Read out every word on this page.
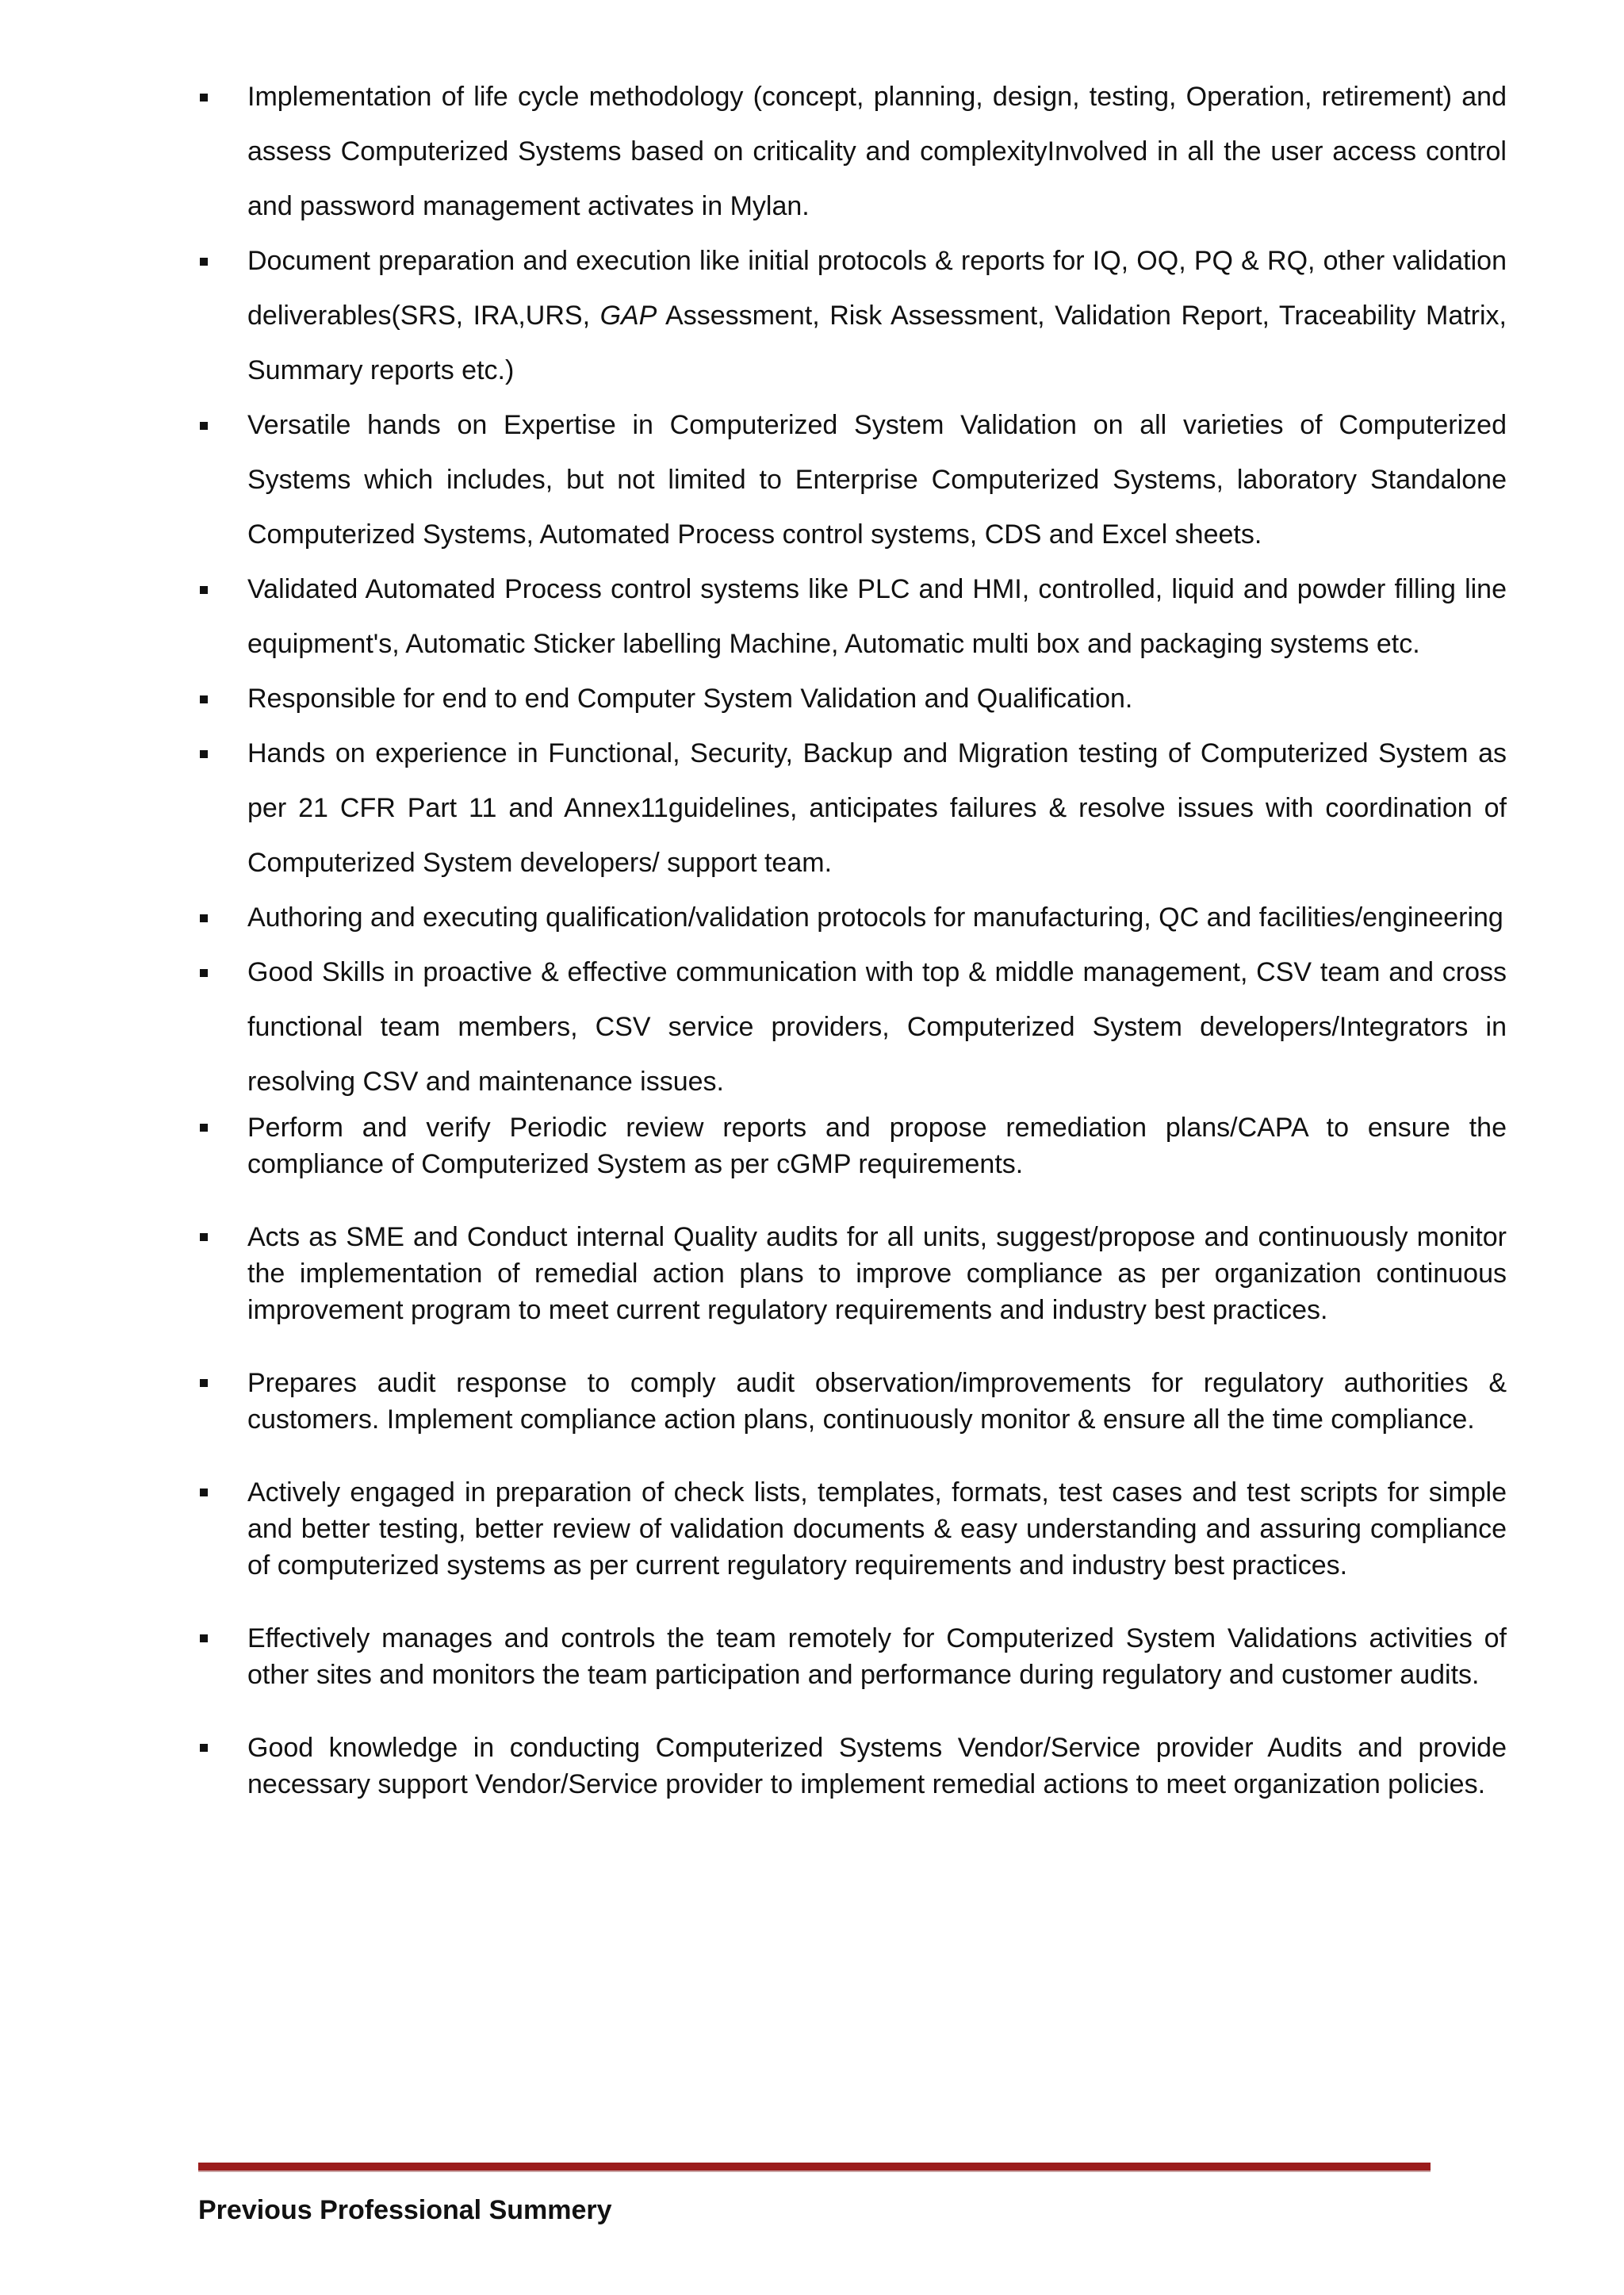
Implementation of life cycle methodology (concept, planning, design, testing, Operation, retirement) and assess Computerized Systems based on criticality and complexityInvolved in all the user access control and password management activates in Mylan.
Document preparation and execution like initial protocols & reports for IQ, OQ, PQ & RQ, other validation deliverables(SRS, IRA,URS, GAP Assessment, Risk Assessment, Validation Report, Traceability Matrix, Summary reports etc.)
Versatile hands on Expertise in Computerized System Validation on all varieties of Computerized Systems which includes, but not limited to Enterprise Computerized Systems, laboratory Standalone Computerized Systems, Automated Process control systems, CDS and Excel sheets.
Validated Automated Process control systems like PLC and HMI, controlled, liquid and powder filling line equipment's, Automatic Sticker labelling Machine, Automatic multi box and packaging systems etc.
Responsible for end to end Computer System Validation and Qualification.
Hands on experience in Functional, Security, Backup and Migration testing of Computerized System as per 21 CFR Part 11 and Annex11guidelines, anticipates failures & resolve issues with coordination of Computerized System developers/ support team.
Authoring and executing qualification/validation protocols for manufacturing, QC and facilities/engineering
Good Skills in proactive & effective communication with top & middle management, CSV team and cross functional team members, CSV service providers, Computerized System developers/Integrators in resolving CSV and maintenance issues.
Perform and verify Periodic review reports and propose remediation plans/CAPA to ensure the compliance of Computerized System as per cGMP requirements.
Acts as SME and Conduct internal Quality audits for all units, suggest/propose and continuously monitor the implementation of remedial action plans to improve compliance as per organization continuous improvement program to meet current regulatory requirements and industry best practices.
Prepares audit response to comply audit observation/improvements for regulatory authorities & customers. Implement compliance action plans, continuously monitor & ensure all the time compliance.
Actively engaged in preparation of check lists, templates, formats, test cases and test scripts for simple and better testing, better review of validation documents & easy understanding and assuring compliance of computerized systems as per current regulatory requirements and industry best practices.
Effectively manages and controls the team remotely for Computerized System Validations activities of other sites and monitors the team participation and performance during regulatory and customer audits.
Good knowledge in conducting Computerized Systems Vendor/Service provider Audits and provide necessary support Vendor/Service provider to implement remedial actions to meet organization policies.
Previous Professional Summery
